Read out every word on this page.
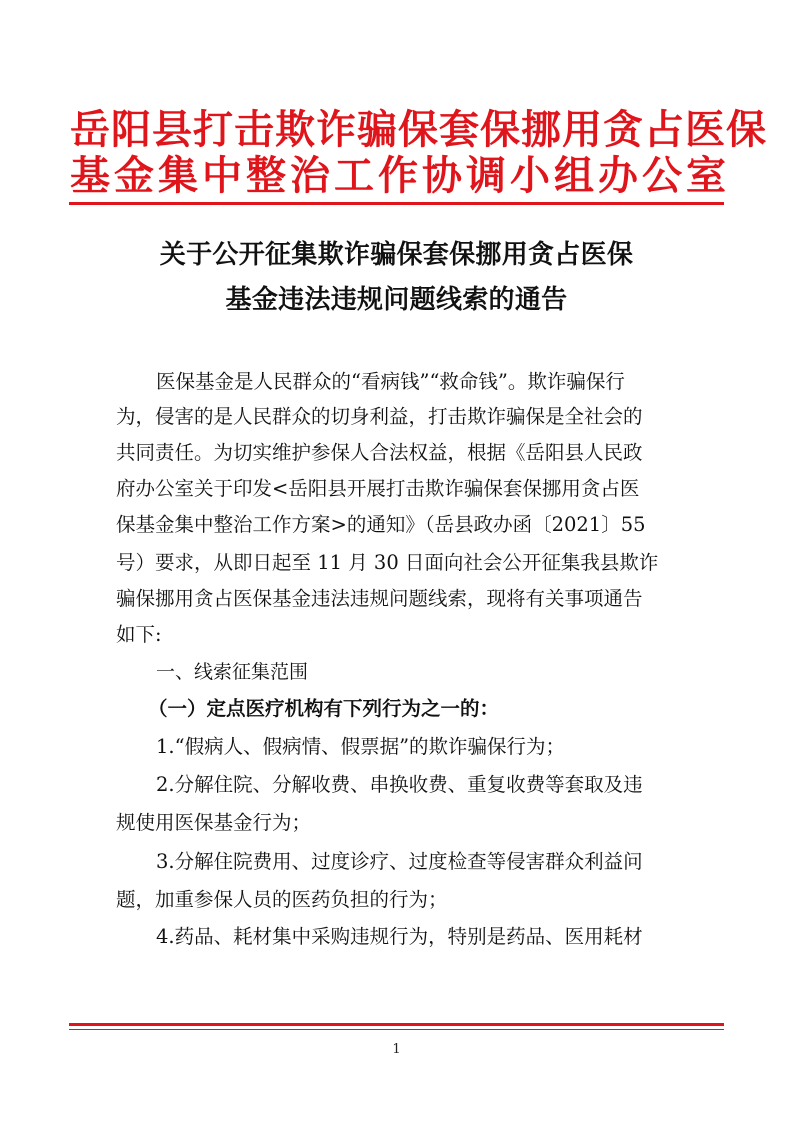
岳阳县打击欺诈骗保套保挪用贪占医保
基金集中整治工作协调小组办公室
关于公开征集欺诈骗保套保挪用贪占医保
基金违法违规问题线索的通告
医保基金是人民群众的“看病钱”“救命钱”。欺诈骗保行
为，侵害的是人民群众的切身利益，打击欺诈骗保是全社会的
共同责任。为切实维护参保人合法权益，根据《岳阳县人民政
府办公室关于印发<岳阳县开展打击欺诈骗保套保挪用贪占医
保基金集中整治工作方案>的通知》（岳县政办函〔2021〕55
号）要求，从即日起至 11 月 30 日面向社会公开征集我县欺诈
骗保挪用贪占医保基金违法违规问题线索，现将有关事项通告
如下:
一、线索征集范围
（一）定点医疗机构有下列行为之一的：
1.“假病人、假病情、假票据”的欺诈骗保行为；
2.分解住院、分解收费、串换收费、重复收费等套取及违
规使用医保基金行为；
3.分解住院费用、过度诊疗、过度检查等侵害群众利益问
题，加重参保人员的医药负担的行为；
4.药品、耗材集中采购违规行为，特别是药品、医用耗材
1
